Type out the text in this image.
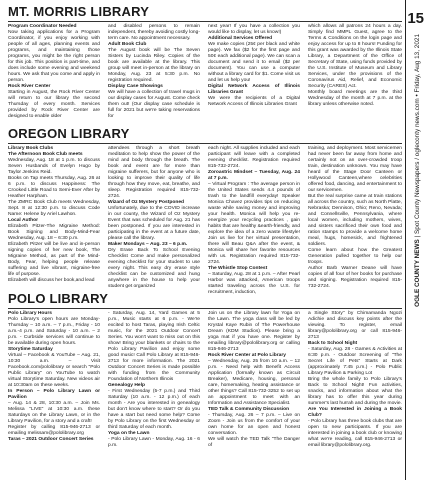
MT. MORRIS LIBRARY

Program Coordinator Needed

Now taking applications for a Program Coordinator, if you enjoy working with people of all ages, planning events and programs, and maintaining those programs, you might be the right person for this job. This position is part-time, and does include some evening and weekend hours. We ask that you come and apply in person.

Rock River Center

Starting in August, the Rock River Center will return to our library the second Thursday of every month. Services provided by Rock River Center are designed to enable older

and disabled persons to remain independent, thereby avoiding costly long-term care. No appointment necessary.

Adult Book Club

The August book will be The Seven Sisters by Lucinda Riley. Copies of the book are available at the library. This group will meet in-person at the library on Monday, Aug. 23 at 5:30 p.m. No registration required.

Display Case Showings

We will have a collection of travel mugs in our display cases for August. Come check them out! (Our display case schedule is full for 2021 but we're taking reservations for

next year! If you have a collection you would like to display, let us know!)

Additional Services Offered

We make copies (25¢ per black and white page). We fax ($2 for the first page and 50¢ each additional page). We can scan a document and send it to email ($2 per document). You can use a computer without a library card for $1. Come visit us and let us help you!

Digital Network Access of Illinois Libraries Grant

We were the recipients of a Digital Network Access of Illinois Libraries Grant

which allows all patrons 24 hours a day. Simply find MMPL Guest, agree to the Terms & Conditions on the login page and enjoy access for up to 8 hours! Funding for this grant was awarded by the Illinois State Library, a Department of the Office of Secretary of State, using funds provided by the U.S. Institute of Museum and Library Services, under the provisions of the Coronavirus Aid, Relief, and Economic Security (CARES) Act.

Monthly board meetings are the third Wednesday of the month at 7 p.m. at the library unless otherwise noted.

OREGON LIBRARY

Library Book Clubs

The Afternoon Book Club meets

Wednesday, Aug. 18 at 1 p.m. to discuss Seven Husbands of Evelyn Hugo by Taylor Jenkins Reid.

Books on Tap meets Thursday, Aug. 26 at 6 p.m. to discuss Happiness: The Crooked Little Road to Semi-Ever After by Heather Harpham.

The ZMRC Book Club meets Wednesday, Sept. 8 at 12:30 p.m. to discuss Code Name: Helene by Ariel Lawhon.

Local Author

Elizabeth Pitzer-The Migraine Method: Book Signing and Body-Mind-Fear Wednesday, Aug. 18 – 6:30 p.m.

Elizabeth Pitzer will be live and in-person signing copies of her new book, The Migraine Method, as part of the Mind-Body, Fear, helping people release suffering and live vibrant, migraine-free life of purpose.

Elizabeth will discuss her book,and lead

attendees through a short breath meditation to help show the power of the mind and body through the breath. The book and event are for more than migraine sufferers, but for anyone who is looking to improve their quality of life through how they move, eat, breathe, and sleep. Registration required 815-732-2724.

Wizard of Oz Mystery Postponed

Unfortunately, due to the COVID increase in our county, the Wizard of Oz Mystery Event that was scheduled for Aug. 21 has been postponed. If you are interested in participating in the event at a future date, please call the library.

Maker Mondays – Aug. 23 – 6 p.m.

Dry Erase Back To School Evening Checklist Come and make personalized evening checklist for your student to use every night. This easy dry erase style checklist can be customized and hung anywhere in the house to help your student get organized

each night. All supplies included and each participant will leave with a completed evening checklist. Registration required 815-732-2724.

Zoroastric Mindset – Tuesday, Aug. 24 at 7 p.m.

– Virtual Program : The average person in the United States sends 4.4 pounds of trash to the landfill everyday! Speaker Monica Chavez provides tips on reducing waste while saving money and improving your health. Monica will help you re-energize your recycling practices , gain habits that are healthy &earth-friendly, and explore the idea of a zero waste lifestyle! Join us live for her virtual presentation, there will Beau Q&A after the event, & Monica will share her favorite resources with us. Registration required 815-732-2724.

The Whistle Stop Contest

– Saturday, Aug. 28 at 1 p.m. – After Pearl Harbor was attacked, American troops started traveling across the U.S. for recruitment, induction,

training, and deployment. Most servicemen had never been far away from home and certainly not on an over-crowded troop train, destination unknown. You may have heard of the Stage Door Canteen or Hollywood Canteen,where celebrities offered food, dancing, and entertainment to our servicemen.

But the real surprise came at train stations all across the country, such as North Platte, Nebraska; Dennison, Ohio; Reno, Nevada; and Connellsville, Pennsylvania, where local women, including mothers, wives, and sisters sacrificed their own food and ration stamps to provide a welcome home meal, hugs, homesick, and frightened soldiers.

Come learn about how the Greatest Generation pulled together to help our troops.

Author Barb Warner Deane will have copies of all four of her books for purchase and signing. Registration required 815-732-2724.

POLO LIBRARY

Polo Library Hours

Polo Library's open hours are Monday-Thursday – 10 a.m. – 7 p.m., Friday - 10 a.m.-4 p.m. and Saturday - 10 a.m. – 2 p.m. - Curbside services will continue to be available during open hours.

Storytime Saturday

Virtual – Facebook & YouTube – Aug. 21, 10:30 a.m. – Visit Facebook.com/pololibrary or search "Polo Public Library" on YouTube to watch virtual Storytime Saturday. New videos air at 10:30am on these weeks.

In Person – Polo Library Lawn or Pavilion

– Aug. 14 & 28, 10:30 a.m. – Join Ms. Melissa "LIVE" at 10:30 a.m. these Saturdays on the Library Lawn, or in the Library Pavilion, for a story and a craft!

Register by calling 815-946-2713 or emailing melissam@pololibrary.org

Taras – 2021 Outdoor Concert Series

- Saturday, Aug. 14, Yard Games at 5 p.m., Music starts at 6 p.m. - We're excited to host Taras, playing Irish Celtic music, for the 2021 Outdoor Concert Series. You won't want to miss out on this show! Bring your blankets or chairs to the Polo Library Pavilion and enjoy some good music! Call Polo Library at 815-946-2713 for more information. The 2021 Outdoor Concert Series is made possible with funding from the Community Foundation of Northern Illinois

Genealogy Help

- First Wednesday (5-7 p.m.) and Third Saturday (10 a.m. - 12 p.m.) of each month - Are you interested in genealogy but don't know where to start? Or do you have a start but need some help? Come by Polo Library on the first Wednesday or third Saturday of each month.

Yoga on the Lawn

- Polo Library Lawn - Monday, Aug. 16 - 6 p.m.

Join us on the Library lawn for Yoga on the Lawn. The yoga class will be led by Krystal Kaye Rubin of The Powerhouse Dream (KDM Studios). Please bring a yoga mat if you have one. Register by emailing library@pololibrary.org or calling 815-946-2713

Rock River Center at Polo Library

– Wednesday, Aug. 25 from 10 a.m. – 12 p.m. - Need help with Benefit Access Application (formally known as Circuit Breaker), Medicare, housing, personal care, homemaking, heating assistance or other things? Call 815-732-3252 to set up an appointment to meet with an Information and Assistance Specialist.

TED Talk & Community Discussion

- Thursday, Aug. 26 – 7 p.m. – Live on Zoom - Join us from the comfort of your own home for an open and honest conversation.

We will watch the TED Talk "The Danger of

a Single Story" by Chimamanda Ngozi Adichie and discuss key points after the viewing. To register, email library@pololibrary.org or call 815-946-2713

Back to School Night

- Saturday, Aug. 28 - Games & Activities at 6:30 p.m. - Outdoor Screening of "The Secret Life of Pets" Starts at Dark (approximately 7:45 p.m.) - Polo Public Library Pavilion & Parking Lot

Bring the whole family to Polo Library's Back to School Night! Fun activities, snacks, and information about what the library has to offer this year during summer's last hurrah and during the movie.

Are You Interested in Joining a Book Club?

- Polo Library has three book clubs that are open to new participants. If you are interested in joining a book club or knowing what we're reading, call 815-946-2713 or email library@pololibrary.org.

15
OGLE COUNTY NEWS | Spot County Newspapers / ogleconty news.com • Friday, Aug 13, 2021
